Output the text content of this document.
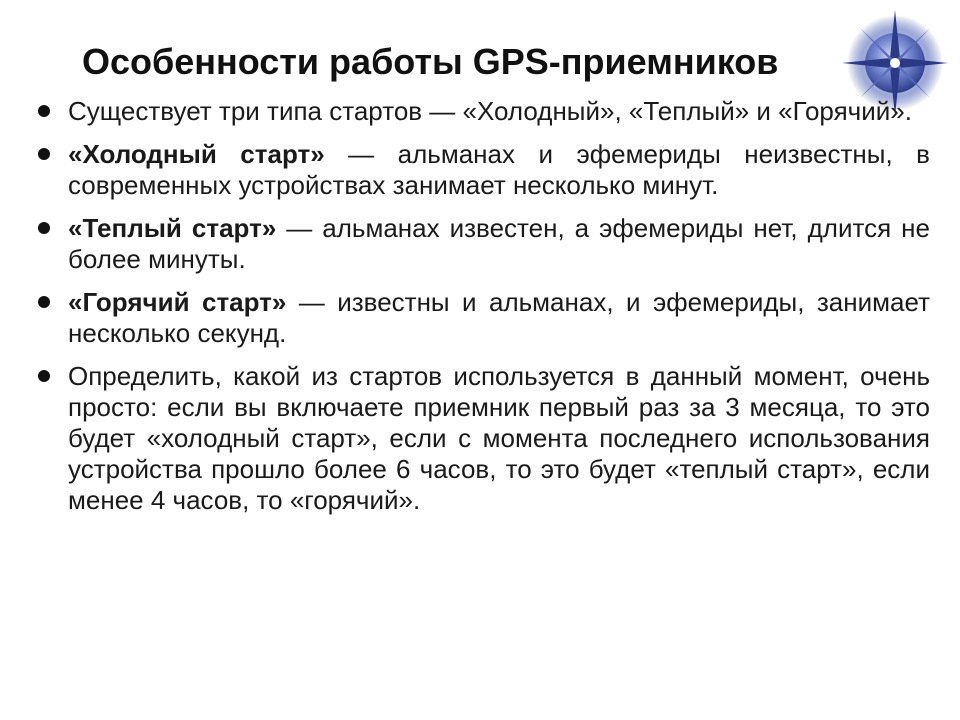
Особенности работы GPS-приемников
Существует три типа стартов — «Холодный», «Теплый» и «Горячий».
«Холодный старт» — альманах и эфемериды неизвестны, в современных устройствах занимает несколько минут.
«Теплый старт» — альманах известен, а эфемериды нет, длится не более минуты.
«Горячий старт» — известны и альманах, и эфемериды, занимает несколько секунд.
Определить, какой из стартов используется в данный момент, очень просто: если вы включаете приемник первый раз за 3 месяца, то это будет «холодный старт», если с момента последнего использования устройства прошло более 6 часов, то это будет «теплый старт», если менее 4 часов, то «горячий».
